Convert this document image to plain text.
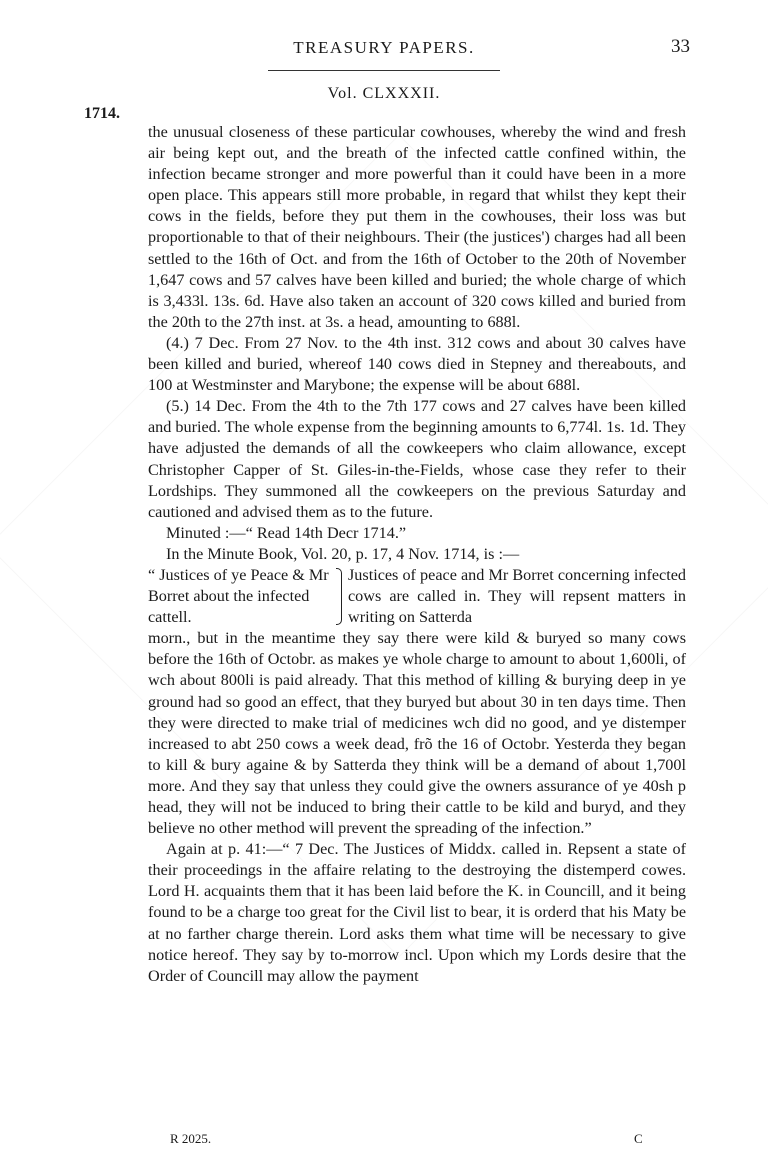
TREASURY PAPERS.	33
Vol. CLXXXII.
1714.

the unusual closeness of these particular cowhouses, whereby the wind and fresh air being kept out, and the breath of the infected cattle confined within, the infection became stronger and more powerful than it could have been in a more open place. This appears still more probable, in regard that whilst they kept their cows in the fields, before they put them in the cowhouses, their loss was but proportionable to that of their neighbours. Their (the justices') charges had all been settled to the 16th of Oct. and from the 16th of October to the 20th of November 1,647 cows and 57 calves have been killed and buried; the whole charge of which is 3,433l. 13s. 6d. Have also taken an account of 320 cows killed and buried from the 20th to the 27th inst. at 3s. a head, amounting to 688l.

(4.) 7 Dec. From 27 Nov. to the 4th inst. 312 cows and about 30 calves have been killed and buried, whereof 140 cows died in Stepney and thereabouts, and 100 at Westminster and Marybone; the expense will be about 688l.

(5.) 14 Dec. From the 4th to the 7th 177 cows and 27 calves have been killed and buried. The whole expense from the beginning amounts to 6,774l. 1s. 1d. They have adjusted the demands of all the cowkeepers who claim allowance, except Christopher Capper of St. Giles-in-the-Fields, whose case they refer to their Lordships. They summoned all the cowkeepers on the previous Saturday and cautioned and advised them as to the future.

Minuted :—“ Read 14th Decr 1714.”

In the Minute Book, Vol. 20, p. 17, 4 Nov. 1714, is :—

“ Justices of ye Peace & Mr Borret about the infected cattell.
Justices of peace and Mr Borret concerning infected cows are called in. They will repsent matters in writing on Satterda

morn., but in the meantime they say there were kild & buryed so many cows before the 16th of Octobr. as makes ye whole charge to amount to about 1,600li, of wch about 800li is paid already. That this method of killing & burying deep in ye ground had so good an effect, that they buryed but about 30 in ten days time. Then they were directed to make trial of medicines wch did no good, and ye distemper increased to abt 250 cows a week dead, frõ the 16 of Octobr. Yesterda they began to kill & bury againe & by Satterda they think will be a demand of about 1,700l more. And they say that unless they could give the owners assurance of ye 40sh p head, they will not be induced to bring their cattle to be kild and buryd, and they believe no other method will prevent the spreading of the infection.”

Again at p. 41:—“ 7 Dec. The Justices of Middx. called in. Repsent a state of their proceedings in the affaire relating to the destroying the distemperd cowes. Lord H. acquaints them that it has been laid before the K. in Councill, and it being found to be a charge too great for the Civil list to bear, it is orderd that his Maty be at no farther charge therein. Lord asks them what time will be necessary to give notice hereof. They say by to-morrow incl. Upon which my Lords desire that the Order of Councill may allow the payment

R 2025.	C
